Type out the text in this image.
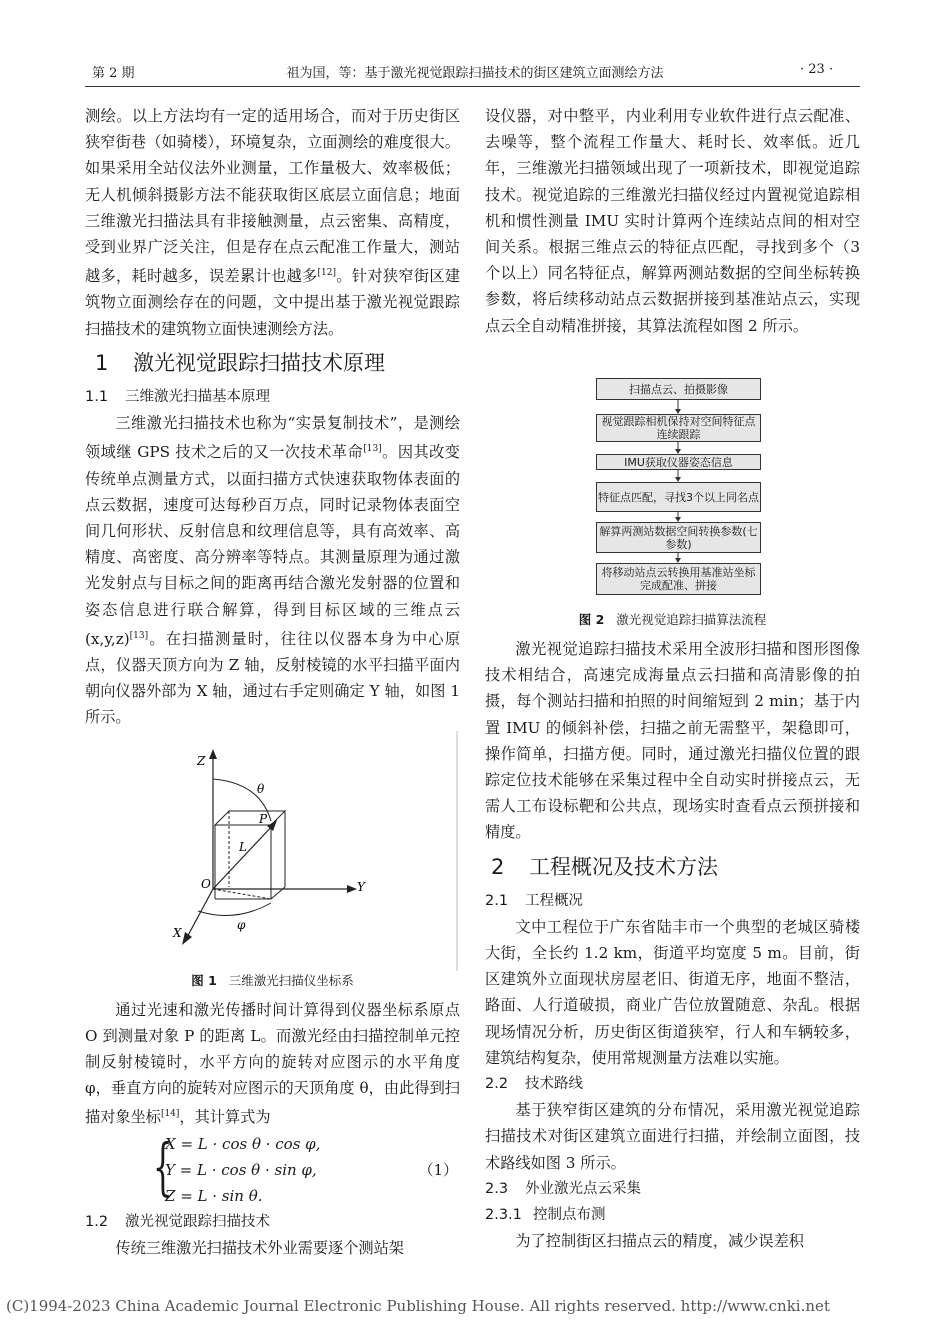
第 2 期	祖为国，等：基于激光视觉跟踪扫描技术的街区建筑立面测绘方法	· 23 ·

测绘。以上方法均有一定的适用场合，而对于历史街区狭窄街巷（如骑楼），环境复杂，立面测绘的难度很大。如果采用全站仪法外业测量，工作量极大、效率极低；无人机倾斜摄影方法不能获取街区底层立面信息；地面三维激光扫描法具有非接触测量，点云密集、高精度，受到业界广泛关注，但是存在点云配准工作量大，测站越多，耗时越多，误差累计也越多[12]。针对狭窄街区建筑物立面测绘存在的问题，文中提出基于激光视觉跟踪扫描技术的建筑物立面快速测绘方法。

1 激光视觉跟踪扫描技术原理

1.1 三维激光扫描基本原理

三维激光扫描技术也称为“实景复制技术”，是测绘领域继 GPS 技术之后的又一次技术革命[13]。因其改变传统单点测量方式，以面扫描方式快速获取物体表面的点云数据，速度可达每秒百万点，同时记录物体表面空间几何形状、反射信息和纹理信息等，具有高效率、高精度、高密度、高分辨率等特点。其测量原理为通过激光发射点与目标之间的距离再结合激光发射器的位置和姿态信息进行联合解算，得到目标区域的三维点云(x,y,z)[13]。在扫描测量时，往往以仪器本身为中心原点，仪器天顶方向为 Z 轴，反射棱镜的水平扫描平面内朝向仪器外部为 X 轴，通过右手定则确定 Y 轴，如图 1 所示。

Z
Y
X
O
P
L
θ
φ

图 1 三维激光扫描仪坐标系

通过光速和激光传播时间计算得到仪器坐标系原点 O 到测量对象 P 的距离 L。而激光经由扫描控制单元控制反射棱镜时，水平方向的旋转对应图示的水平角度 φ，垂直方向的旋转对应图示的天顶角度 θ，由此得到扫描对象坐标[14]，其计算式为

{
X = L · cos θ · cos φ,
Y = L · cos θ · sin φ,
Z = L · sin θ.
（1）

1.2 激光视觉跟踪扫描技术

传统三维激光扫描技术外业需要逐个测站架

设仪器，对中整平，内业利用专业软件进行点云配准、去噪等，整个流程工作量大、耗时长、效率低。近几年，三维激光扫描领域出现了一项新技术，即视觉追踪技术。视觉追踪的三维激光扫描仪经过内置视觉追踪相机和惯性测量 IMU 实时计算两个连续站点间的相对空间关系。根据三维点云的特征点匹配，寻找到多个（3 个以上）同名特征点，解算两测站数据的空间坐标转换参数，将后续移动站点云数据拼接到基准站点云，实现点云全自动精准拼接，其算法流程如图 2 所示。

扫描点云、拍摄影像
视觉跟踪相机保持对空间特征点连续跟踪
IMU获取仪器姿态信息
特征点匹配，寻找3个以上同名点
解算两测站数据空间转换参数(七参数)
将移动站点云转换用基准站坐标完成配准、拼接

图 2 激光视觉追踪扫描算法流程

激光视觉追踪扫描技术采用全波形扫描和图形图像技术相结合，高速完成海量点云扫描和高清影像的拍摄，每个测站扫描和拍照的时间缩短到 2 min；基于内置 IMU 的倾斜补偿，扫描之前无需整平，架稳即可，操作简单，扫描方便。同时，通过激光扫描仪位置的跟踪定位技术能够在采集过程中全自动实时拼接点云，无需人工布设标靶和公共点，现场实时查看点云预拼接和精度。

2 工程概况及技术方法

2.1 工程概况

文中工程位于广东省陆丰市一个典型的老城区骑楼大街，全长约 1.2 km，街道平均宽度 5 m。目前，街区建筑外立面现状房屋老旧、街道无序，地面不整洁，路面、人行道破损，商业广告位放置随意、杂乱。根据现场情况分析，历史街区街道狭窄，行人和车辆较多，建筑结构复杂，使用常规测量方法难以实施。

2.2 技术路线

基于狭窄街区建筑的分布情况，采用激光视觉追踪扫描技术对街区建筑立面进行扫描，并绘制立面图，技术路线如图 3 所示。

2.3 外业激光点云采集

2.3.1 控制点布测

为了控制街区扫描点云的精度，减少误差积

(C)1994-2023 China Academic Journal Electronic Publishing House. All rights reserved. http://www.cnki.net
